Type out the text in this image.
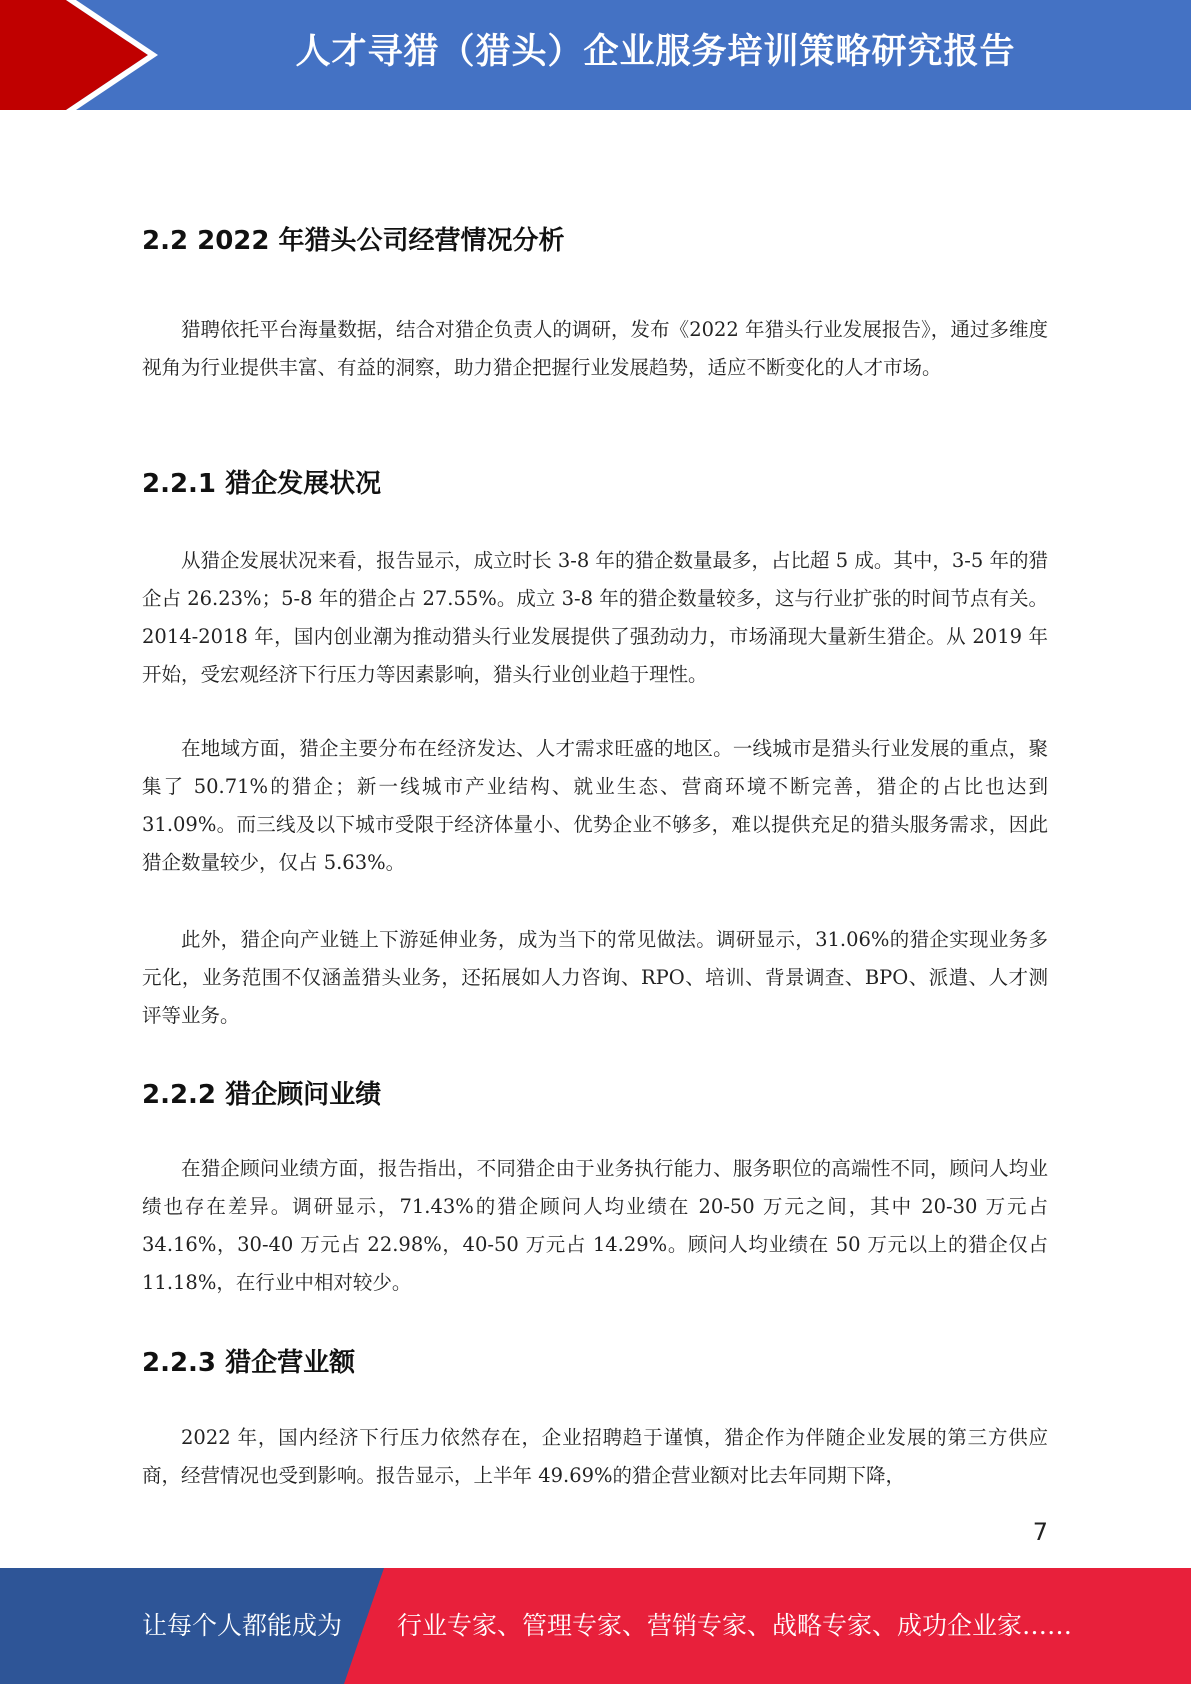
人才寻猎（猎头）企业服务培训策略研究报告
2.2 2022 年猎头公司经营情况分析
猎聘依托平台海量数据，结合对猎企负责人的调研，发布《2022 年猎头行业发展报告》，通过多维度视角为行业提供丰富、有益的洞察，助力猎企把握行业发展趋势，适应不断变化的人才市场。
2.2.1 猎企发展状况
从猎企发展状况来看，报告显示，成立时长 3-8 年的猎企数量最多，占比超 5 成。其中，3-5 年的猎企占 26.23%；5-8 年的猎企占 27.55%。成立 3-8 年的猎企数量较多，这与行业扩张的时间节点有关。2014-2018 年，国内创业潮为推动猎头行业发展提供了强劲动力，市场涌现大量新生猎企。从 2019 年开始，受宏观经济下行压力等因素影响，猎头行业创业趋于理性。
在地域方面，猎企主要分布在经济发达、人才需求旺盛的地区。一线城市是猎头行业发展的重点，聚集了 50.71%的猎企；新一线城市产业结构、就业生态、营商环境不断完善，猎企的占比也达到 31.09%。而三线及以下城市受限于经济体量小、优势企业不够多，难以提供充足的猎头服务需求，因此猎企数量较少，仅占 5.63%。
此外，猎企向产业链上下游延伸业务，成为当下的常见做法。调研显示，31.06%的猎企实现业务多元化，业务范围不仅涵盖猎头业务，还拓展如人力咨询、RPO、培训、背景调查、BPO、派遣、人才测评等业务。
2.2.2 猎企顾问业绩
在猎企顾问业绩方面，报告指出，不同猎企由于业务执行能力、服务职位的高端性不同，顾问人均业绩也存在差异。调研显示，71.43%的猎企顾问人均业绩在 20-50 万元之间，其中 20-30 万元占 34.16%，30-40 万元占 22.98%，40-50 万元占 14.29%。顾问人均业绩在 50 万元以上的猎企仅占 11.18%，在行业中相对较少。
2.2.3 猎企营业额
2022 年，国内经济下行压力依然存在，企业招聘趋于谨慎，猎企作为伴随企业发展的第三方供应商，经营情况也受到影响。报告显示，上半年 49.69%的猎企营业额对比去年同期下降，
7
让每个人都能成为 行业专家、管理专家、营销专家、战略专家、成功企业家……
